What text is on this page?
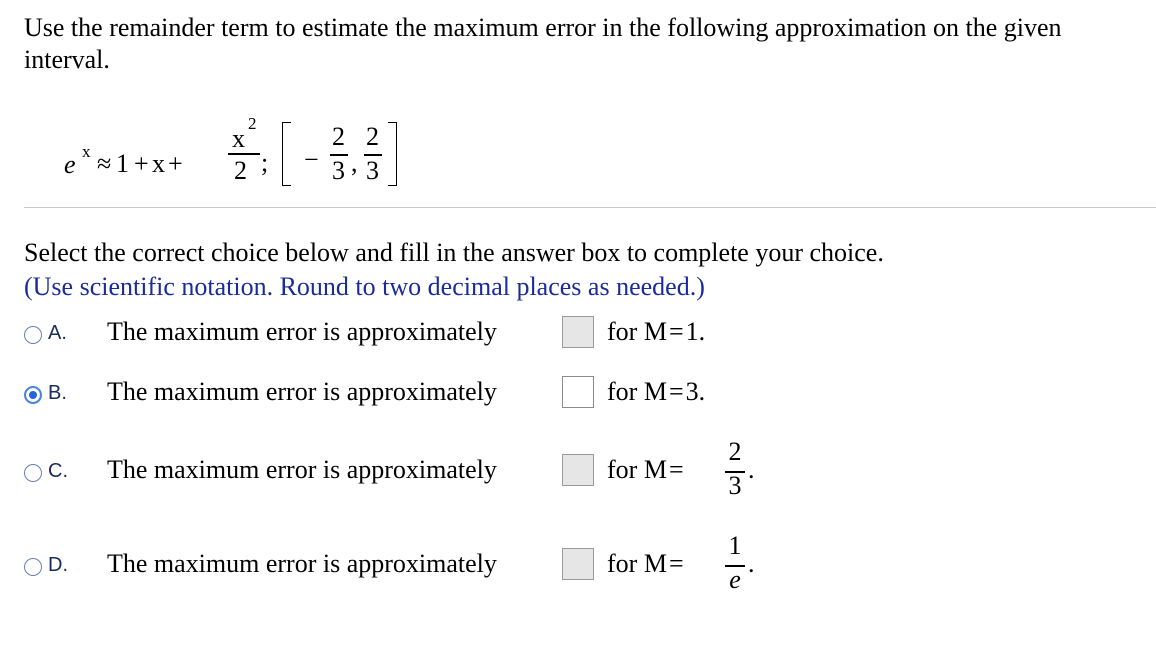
Use the remainder term to estimate the maximum error in the following approximation on the given interval.
e x ≈ 1 + x +
x
2
2 ; −
2
3 ,
2
3
Select the correct choice below and fill in the answer box to complete your choice.
(Use scientific notation. Round to two decimal places as needed.)
A. The maximum error is approximately	for M=1.
B. The maximum error is approximately	for M=3.
C. The maximum error is approximately	for M=
2
3
.
D. The maximum error is approximately	for M=
1
e
.
